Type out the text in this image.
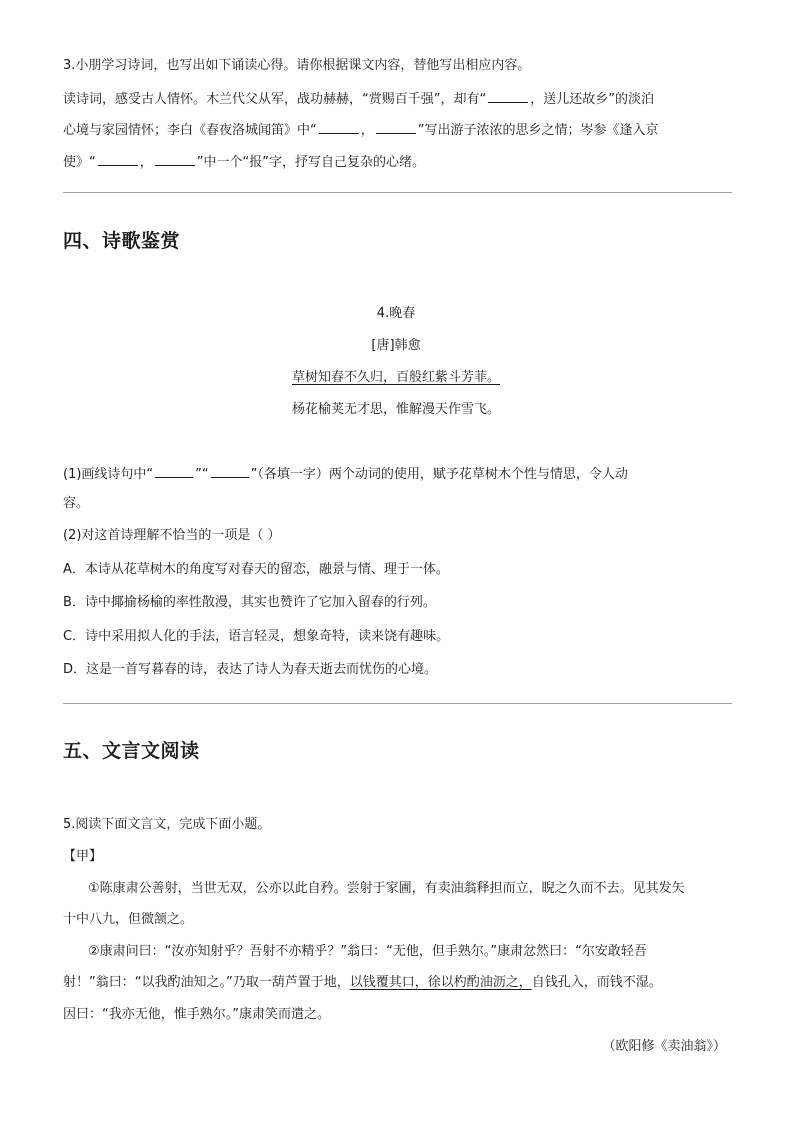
3.小朋学习诗词，也写出如下诵读心得。请你根据课文内容，替他写出相应内容。
读诗词，感受古人情怀。木兰代父从军，战功赫赫，“赏赐百千强”，却有“	，送儿还故乡”的淡泊
心境与家园情怀；李白《春夜洛城闻笛》中“	，	”写出游子浓浓的思乡之情；岑参《逢入京
使》“	，	”中一个“报”字，抒写自己复杂的心绪。
四、诗歌鉴赏
4.晚春
[唐]韩愈
草树知春不久归，百般红紫斗芳菲。
杨花榆荚无才思，惟解漫天作雪飞。
(1)画线诗句中“	”“	”（各填一字）两个动词的使用，赋予花草树木个性与情思，令人动
容。
(2)对这首诗理解不恰当的一项是（ ）
A．本诗从花草树木的角度写对春天的留恋，融景与情、理于一体。
B．诗中揶揄杨榆的率性散漫，其实也赞许了它加入留春的行列。
C．诗中采用拟人化的手法，语言轻灵，想象奇特，读来饶有趣味。
D．这是一首写暮春的诗，表达了诗人为春天逝去而忧伤的心境。
五、文言文阅读
5.阅读下面文言文，完成下面小题。
【甲】
①陈康肃公善射，当世无双，公亦以此自矜。尝射于家圃，有卖油翁释担而立，睨之久而不去。见其发矢
十中八九，但微颔之。
②康肃问曰：“汝亦知射乎？吾射不亦精乎？”翁曰：“无他，但手熟尔。”康肃忿然曰：“尔安敢轻吾
射！”翁曰：“以我酌油知之。”乃取一葫芦置于地，以钱覆其口，徐以杓酌油沥之，自钱孔入，而钱不湿。
因曰：“我亦无他，惟手熟尔。”康肃笑而遣之。
（欧阳修《卖油翁》）
